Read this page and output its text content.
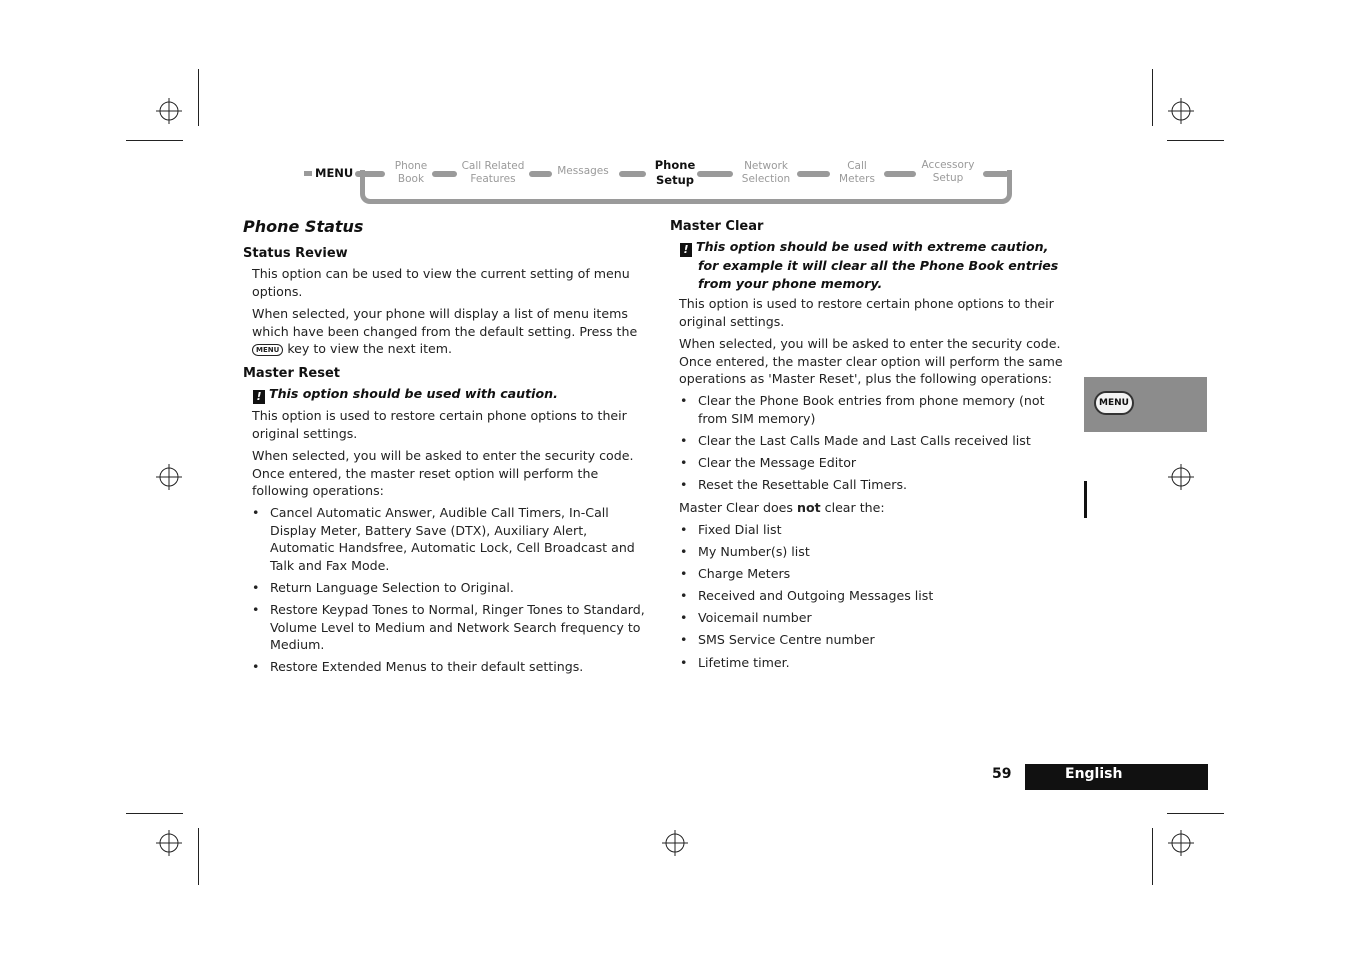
MENU	Phone
Book
Call Related
Features
Messages	Phone
Setup
Network
Selection
Call
Meters
Accessory
Setup
Phone Status
Status Review
This option can be used to view the current setting of menu options.
When selected, your phone will display a list of menu items which have been changed from the default setting. Press the
MENU key to view the next item.
Master Reset
! This option should be used with caution.
This option is used to restore certain phone options to their original settings.
When selected, you will be asked to enter the security code. Once entered, the master reset option will perform the following operations:
• Cancel Automatic Answer, Audible Call Timers, In-Call Display Meter, Battery Save (DTX), Auxiliary Alert, Automatic Handsfree, Automatic Lock, Cell Broadcast and Talk and Fax Mode.
• Return Language Selection to Original.
• Restore Keypad Tones to Normal, Ringer Tones to Standard, Volume Level to Medium and Network Search frequency to Medium.
• Restore Extended Menus to their default settings.
Master Clear
! This option should be used with extreme caution, for example it will clear all the Phone Book entries from your phone memory.
This option is used to restore certain phone options to their original settings.
When selected, you will be asked to enter the security code. Once entered, the master clear option will perform the same operations as 'Master Reset', plus the following operations:
• Clear the Phone Book entries from phone memory (not from SIM memory)
• Clear the Last Calls Made and Last Calls received list
• Clear the Message Editor
• Reset the Resettable Call Timers.
Master Clear does not clear the:
• Fixed Dial list
• My Number(s) list
• Charge Meters
• Received and Outgoing Messages list
• Voicemail number
• SMS Service Centre number
• Lifetime timer.
MENU
59	English
